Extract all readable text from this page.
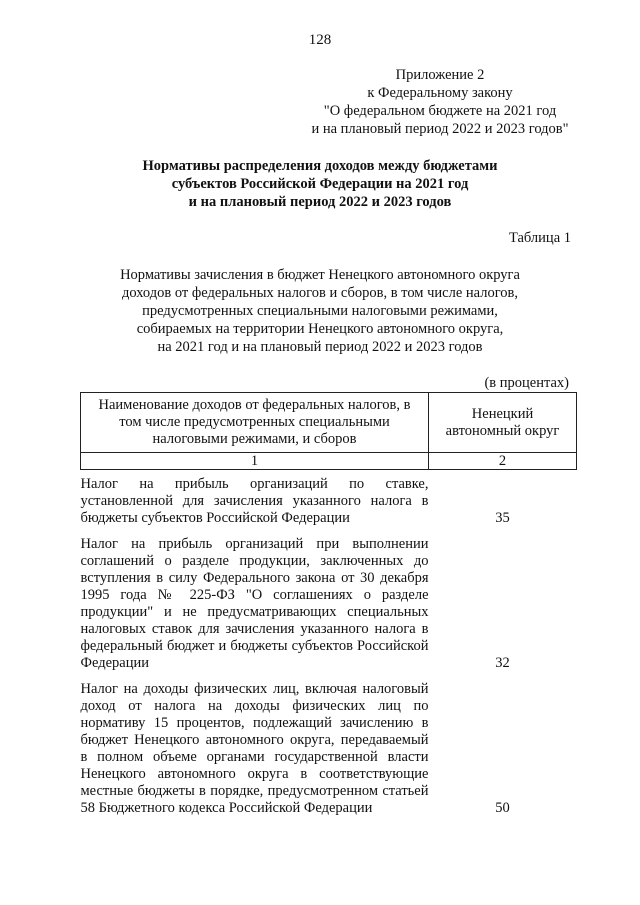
128
Приложение 2
к Федеральному закону
"О федеральном бюджете на 2021 год
и на плановый период 2022 и 2023 годов"
Нормативы распределения доходов между бюджетами
субъектов Российской Федерации на 2021 год
и на плановый период 2022 и 2023 годов
Таблица 1
Нормативы зачисления в бюджет Ненецкого автономного округа
доходов от федеральных налогов и сборов, в том числе налогов,
предусмотренных специальными налоговыми режимами,
собираемых на территории Ненецкого автономного округа,
на 2021 год и на плановый период 2022 и 2023 годов
(в процентах)
Наименование доходов от федеральных налогов, в том числе предусмотренных специальными налоговыми режимами, и сборов	Ненецкий автономный округ
1	2
Налог на прибыль организаций по ставке, установленной для зачисления указанного налога в бюджеты субъектов Российской Федерации	35
Налог на прибыль организаций при выполнении соглашений о разделе продукции, заключенных до вступления в силу Федерального закона от 30 декабря 1995 года № 225-ФЗ "О соглашениях о разделе продукции" и не предусматривающих специальных налоговых ставок для зачисления указанного налога в федеральный бюджет и бюджеты субъектов Российской Федерации	32
Налог на доходы физических лиц, включая налоговый доход от налога на доходы физических лиц по нормативу 15 процентов, подлежащий зачислению в бюджет Ненецкого автономного округа, передаваемый в полном объеме органами государственной власти Ненецкого автономного округа в соответствующие местные бюджеты в порядке, предусмотренном статьей 58 Бюджетного кодекса Российской Федерации	50
